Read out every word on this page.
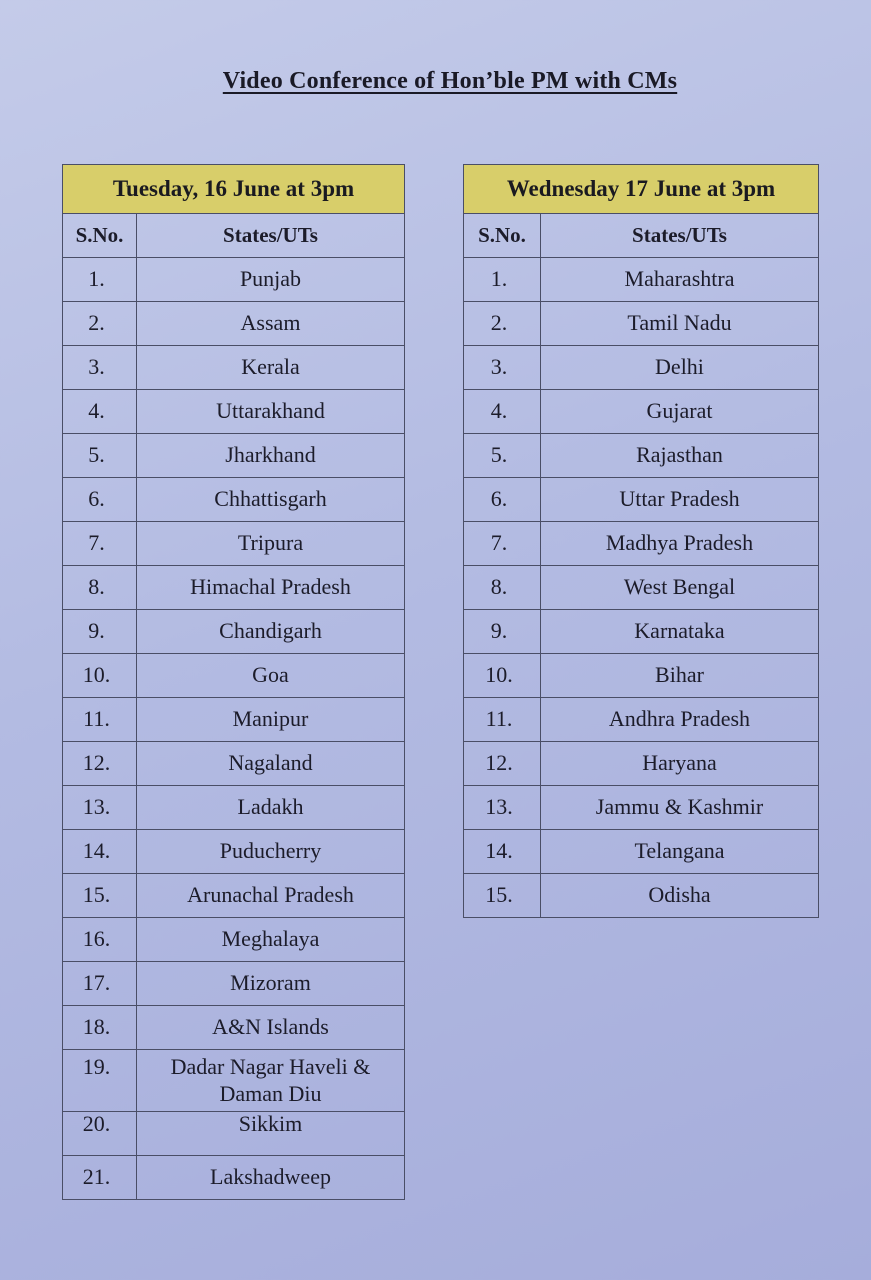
Video Conference of Hon’ble PM with CMs
Tuesday, 16 June at 3pm	
S.No.	States/UTs
1.	Punjab
2.	Assam
3.	Kerala
4.	Uttarakhand
5.	Jharkhand
6.	Chhattisgarh
7.	Tripura
8.	Himachal Pradesh
9.	Chandigarh
10.	Goa
11.	Manipur
12.	Nagaland
13.	Ladakh
14.	Puducherry
15.	Arunachal Pradesh
16.	Meghalaya
17.	Mizoram
18.	A&N Islands
19.	Dadar Nagar Haveli & Daman Diu
20.	Sikkim
21.	Lakshadweep
Wednesday 17 June at 3pm	
S.No.	States/UTs
1.	Maharashtra
2.	Tamil Nadu
3.	Delhi
4.	Gujarat
5.	Rajasthan
6.	Uttar Pradesh
7.	Madhya Pradesh
8.	West Bengal
9.	Karnataka
10.	Bihar
11.	Andhra Pradesh
12.	Haryana
13.	Jammu & Kashmir
14.	Telangana
15.	Odisha
